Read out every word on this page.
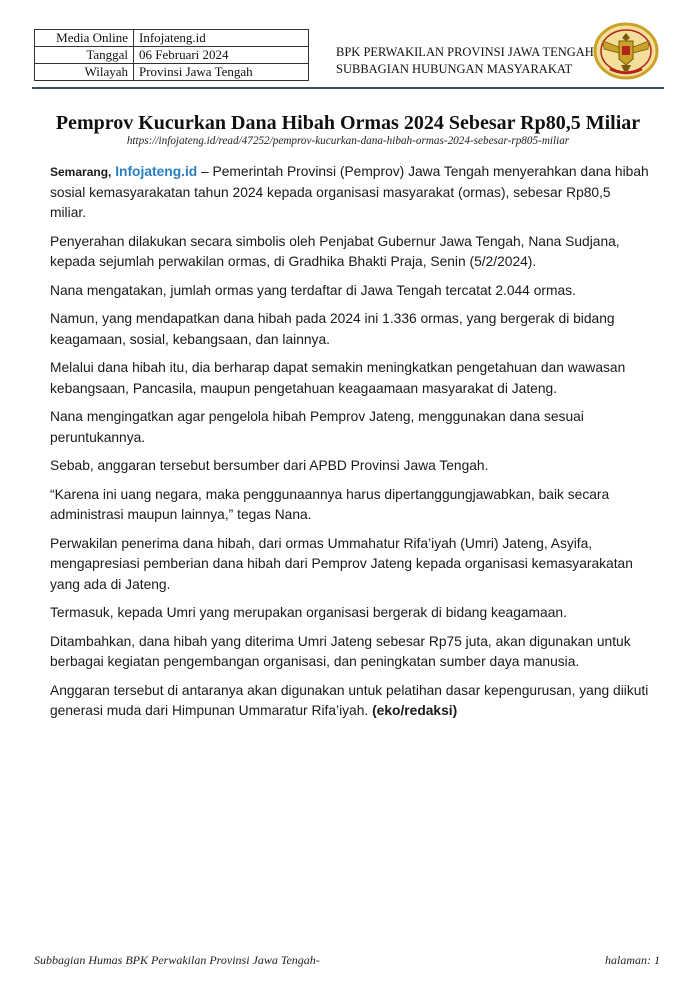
Media Online	Infojateng.id
Tanggal	06 Februari 2024
Wilayah	Provinsi Jawa Tengah
BPK PERWAKILAN PROVINSI JAWA TENGAH
SUBBAGIAN HUBUNGAN MASYARAKAT
Pemprov Kucurkan Dana Hibah Ormas 2024 Sebesar Rp80,5 Miliar
https://infojateng.id/read/47252/pemprov-kucurkan-dana-hibah-ormas-2024-sebesar-rp805-miliar

Semarang, Infojateng.id – Pemerintah Provinsi (Pemprov) Jawa Tengah menyerahkan dana hibah sosial kemasyarakatan tahun 2024 kepada organisasi masyarakat (ormas), sebesar Rp80,5 miliar.

Penyerahan dilakukan secara simbolis oleh Penjabat Gubernur Jawa Tengah, Nana Sudjana, kepada sejumlah perwakilan ormas, di Gradhika Bhakti Praja, Senin (5/2/2024).

Nana mengatakan, jumlah ormas yang terdaftar di Jawa Tengah tercatat 2.044 ormas.

Namun, yang mendapatkan dana hibah pada 2024 ini 1.336 ormas, yang bergerak di bidang keagamaan, sosial, kebangsaan, dan lainnya.

Melalui dana hibah itu, dia berharap dapat semakin meningkatkan pengetahuan dan wawasan kebangsaan, Pancasila, maupun pengetahuan keagaamaan masyarakat di Jateng.

Nana mengingatkan agar pengelola hibah Pemprov Jateng, menggunakan dana sesuai peruntukannya.

Sebab, anggaran tersebut bersumber dari APBD Provinsi Jawa Tengah.

“Karena ini uang negara, maka penggunaannya harus dipertanggungjawabkan, baik secara administrasi maupun lainnya,” tegas Nana.

Perwakilan penerima dana hibah, dari ormas Ummahatur Rifa’iyah (Umri) Jateng, Asyifa, mengapresiasi pemberian dana hibah dari Pemprov Jateng kepada organisasi kemasyarakatan yang ada di Jateng.

Termasuk, kepada Umri yang merupakan organisasi bergerak di bidang keagamaan.

Ditambahkan, dana hibah yang diterima Umri Jateng sebesar Rp75 juta, akan digunakan untuk berbagai kegiatan pengembangan organisasi, dan peningkatan sumber daya manusia.

Anggaran tersebut di antaranya akan digunakan untuk pelatihan dasar kepengurusan, yang diikuti generasi muda dari Himpunan Ummaratur Rifa’iyah. (eko/redaksi)

Subbagian Humas BPK Perwakilan Provinsi Jawa Tengah-	halaman: 1
